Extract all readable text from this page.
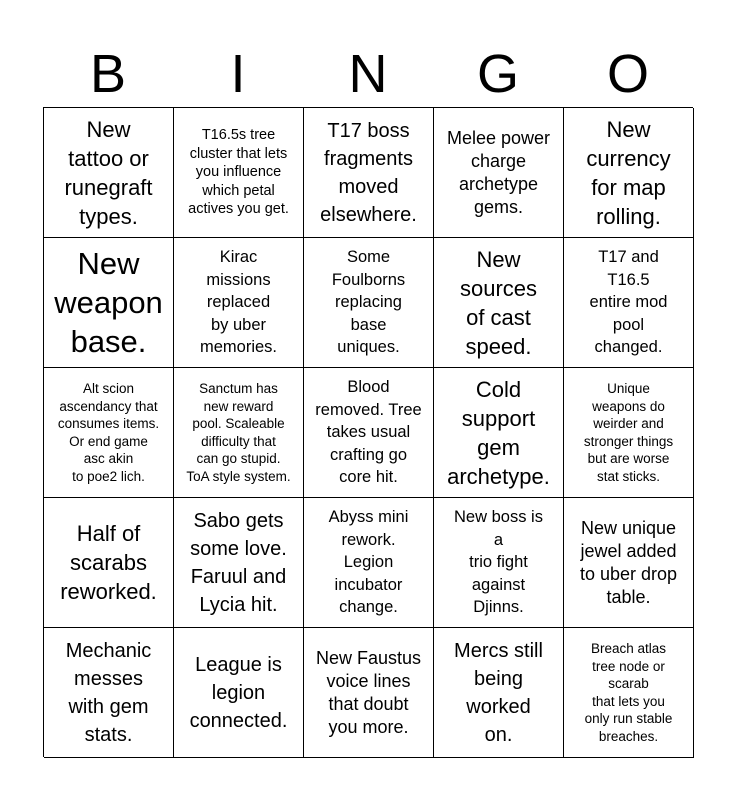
B	I	N	G	O
New
tattoo or
runegraft
types.
T16.5s tree
cluster that lets
you influence
which petal
actives you get.
T17 boss
fragments
moved
elsewhere.
Melee power
charge
archetype
gems.
New
currency
for map
rolling.
New
weapon
base.
Kirac
missions
replaced
by uber
memories.
Some
Foulborns
replacing
base
uniques.
New
sources
of cast
speed.
T17 and
T16.5
entire mod
pool
changed.
Alt scion
ascendancy that
consumes items.
Or end game
asc akin
to poe2 lich.
Sanctum has
new reward
pool. Scaleable
difficulty that
can go stupid.
ToA style system.
Blood
removed. Tree
takes usual
crafting go
core hit.
Cold
support
gem
archetype.
Unique
weapons do
weirder and
stronger things
but are worse
stat sticks.
Half of
scarabs
reworked.
Sabo gets
some love.
Faruul and
Lycia hit.
Abyss mini
rework.
Legion
incubator
change.
New boss is
a
trio fight
against
Djinns.
New unique
jewel added
to uber drop
table.
Mechanic
messes
with gem
stats.
League is
legion
connected.
New Faustus
voice lines
that doubt
you more.
Mercs still
being
worked
on.
Breach atlas
tree node or
scarab
that lets you
only run stable
breaches.
